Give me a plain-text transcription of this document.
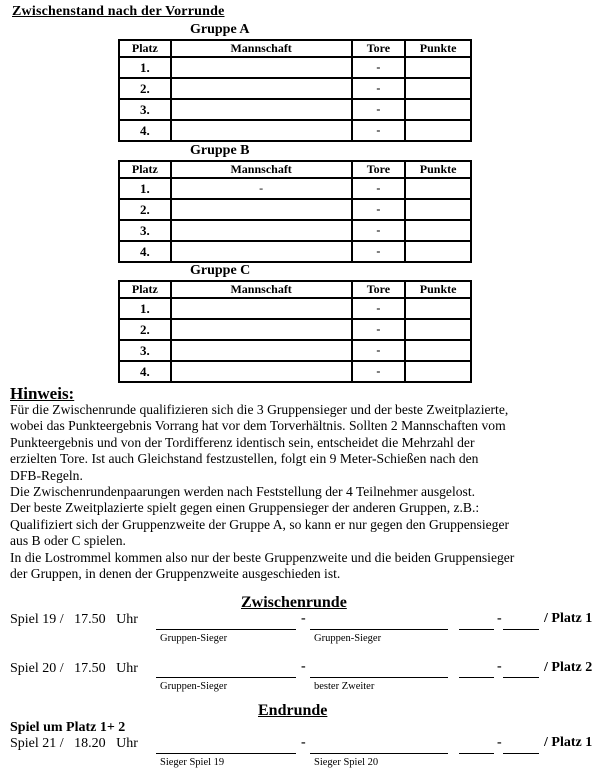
Zwischenstand nach der Vorrunde
Gruppe A
Platz	Mannschaft	Tore	Punkte
1.		-	
2.		-	
3.		-	
4.		-	
Gruppe B
Platz	Mannschaft	Tore	Punkte
1.	-	-	
2.		-	
3.		-	
4.		-	
Gruppe C
Platz	Mannschaft	Tore	Punkte
1.		-	
2.		-	
3.		-	
4.		-	
Hinweis:

Für die Zwischenrunde qualifizieren sich die 3 Gruppensieger und der beste Zweitplazierte,

wobei das Punkteergebnis Vorrang hat vor dem Torverhältnis. Sollten 2 Mannschaften vom

Punkteergebnis und von der Tordifferenz identisch sein, entscheidet die Mehrzahl der

erzielten Tore. Ist auch Gleichstand festzustellen, folgt ein 9 Meter-Schießen nach den

DFB-Regeln.

Die Zwischenrundenpaarungen werden nach Feststellung der 4 Teilnehmer ausgelost.

Der beste Zweitplazierte spielt gegen einen Gruppensieger der anderen Gruppen, z.B.:

Qualifiziert sich der Gruppenzweite der Gruppe A, so kann er nur gegen den Gruppensieger

aus B oder C spielen.

In die Lostrommel kommen also nur der beste Gruppenzweite und die beiden Gruppensieger

der Gruppen, in denen der Gruppenzweite ausgeschieden ist.

Zwischenrunde
Spiel 19 /   17.50   Uhr	-	-	/ Platz 1
Gruppen-Sieger	Gruppen-Sieger
Spiel 20 /   17.50   Uhr	-	-	/ Platz 2
Gruppen-Sieger	bester Zweiter
Endrunde
Spiel um Platz 1+ 2
Spiel 21 /   18.20   Uhr	-	-	/ Platz 1
Sieger Spiel 19	Sieger Spiel 20
